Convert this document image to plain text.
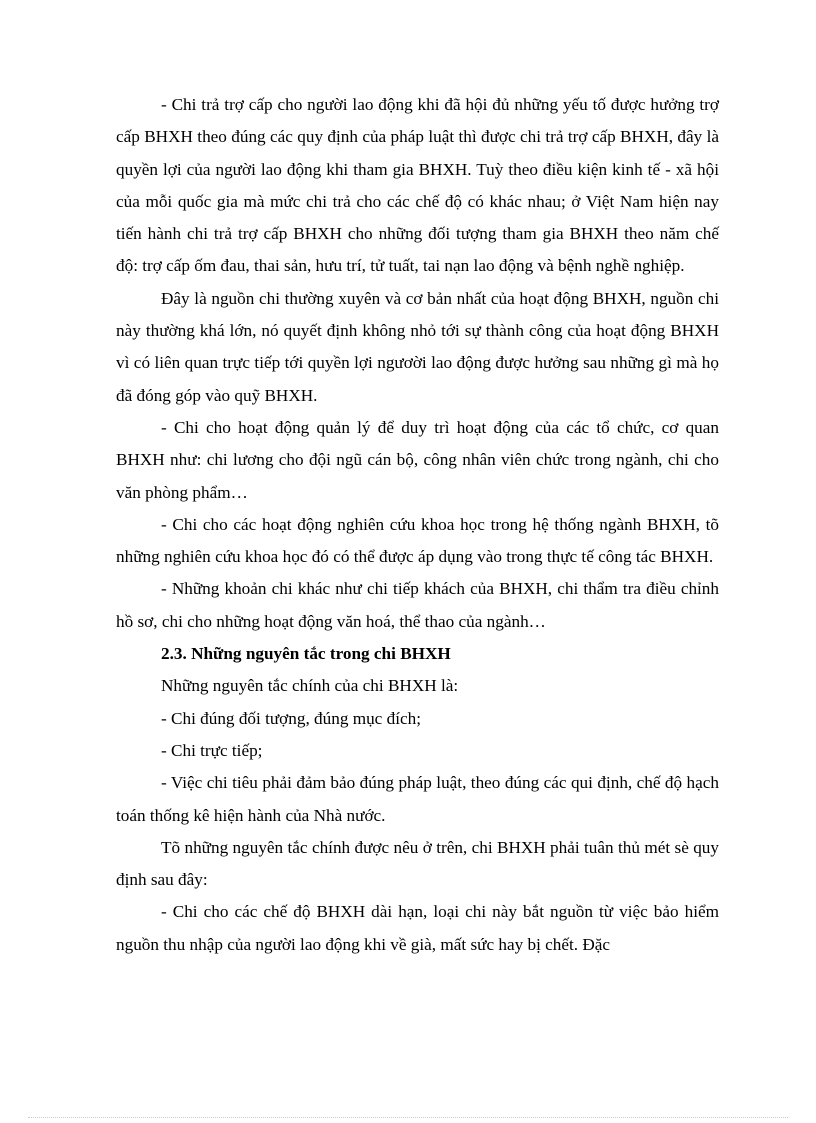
- Chi trả trợ cấp cho người lao động khi đã hội đủ những yếu tố được hưởng trợ cấp BHXH theo đúng các quy định của pháp luật thì được chi trả trợ cấp BHXH, đây là quyền lợi của người lao động khi tham gia BHXH. Tuỳ theo điều kiện kinh tế - xã hội của mỗi quốc gia mà mức chi trả cho các chế độ có khác nhau; ở Việt Nam hiện nay tiến hành chi trả trợ cấp BHXH cho những đối tượng tham gia BHXH theo năm chế độ: trợ cấp ốm đau, thai sản, hưu trí, tử tuất, tai nạn lao động và bệnh nghề nghiệp.

Đây là nguồn chi thường xuyên và cơ bản nhất của hoạt động BHXH, nguồn chi này thường khá lớn, nó quyết định không nhỏ tới sự thành công của hoạt động BHXH vì có liên quan trực tiếp tới quyền lợi ngươời lao động được hưởng sau những gì mà họ đã đóng góp vào quỹ BHXH.

- Chi cho hoạt động quản lý để duy trì hoạt động của các tổ chức, cơ quan BHXH như: chi lương cho đội ngũ cán bộ, công nhân viên chức trong ngành, chi cho văn phòng phẩm…

- Chi cho các hoạt động nghiên cứu khoa học trong hệ thống ngành BHXH, tõ những nghiên cứu khoa học đó có thể được áp dụng vào trong thực tế công tác BHXH.

- Những khoản chi khác như chi tiếp khách của BHXH, chi thẩm tra điều chỉnh hồ sơ, chi cho những hoạt động văn hoá, thể thao của ngành…

2.3. Những nguyên tắc trong chi BHXH

Những nguyên tắc chính của chi BHXH là:

- Chi đúng đối tượng, đúng mục đích;

- Chi trực tiếp;

- Việc chi tiêu phải đảm bảo đúng pháp luật, theo đúng các qui định, chế độ hạch toán thống kê hiện hành của Nhà nước.

Tõ những nguyên tắc chính được nêu ở trên, chi BHXH phải tuân thủ mét sè quy định sau đây:

- Chi cho các chế độ BHXH dài hạn, loại chi này bắt nguồn từ việc bảo hiểm nguồn thu nhập của người lao động khi về già, mất sức hay bị chết. Đặc
